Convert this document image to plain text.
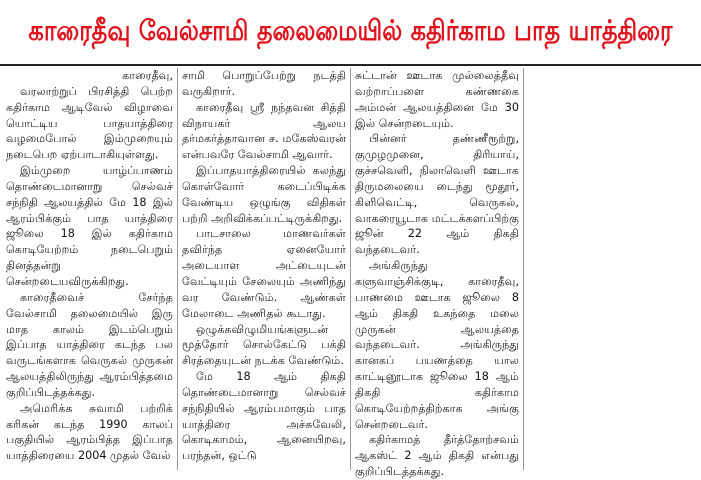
காரைதீவு வேல்சாமி தலைமையில் கதிர்காம பாத யாத்திரை

காரைதீவு,

வரலாற்றுப் பிரசித்தி பெற்ற கதிர்காம ஆடிவேல் விழாவை யொட்டிய பாதயாத்திரை வழமைபோல் இம்முறையும் நடைபெற ஏற்பாடாகியுள்ளது.

இம்முறை யாழ்ப்பாணம் தொண்டைமானாறு செல்வச் சந்நிதி ஆலயத்தில் மே 18 இல் ஆரம்பிக்கும் பாத யாத்திரை ஜூலை 18 இல் கதிர்காம கொடியேற்றம் நடைபெறும் தினத்தன்று சென்றடையவிருக்கிறது.

காரைதீவைச் சேர்ந்த வேல்சாமி தலைமையில் இரு மாத காலம் இடம்பெறும் இப்பாத யாத்திரை கடந்த பல வருடங்களாக வெருகல் முருகன் ஆலயத்திலிருந்து ஆரம்பித்தமை குறிப்பிடத்தக்கது.

அமெரிக்க சுவாமி பற்றிக் கரிகன் கடந்த 1990 காலப் பகுதியில் ஆரம்பித்த இப்பாத யாத்திரையை 2004 முதல் வேல்

சாமி பொறுப்பேற்று நடத்தி வருகிறார்.

காரைதீவு ஸ்ரீ நந்தவன சித்தி விநாயகர் ஆலய தர்மகர்த்தாவான ச. மகேஸ்வரன் என்பவரே வேல்சாமி ஆவார்.

இப்பாதயாத்திரையில் கலந்து கொள்வோர் கடைப்பிடிக்க வேண்டிய ஒழுங்கு விதிகள் பற்றி அறிவிக்கப்பட்டிருக்கிறது.

பாடசாலை மாணவர்கள் தவிர்ந்த ஏனையோர் அடையாள அட்டையுடன் வேட்டியும் சேலையும் அணிந்து வர வேண்டும். ஆண்கள் மேலாடை அணிதல் கூடாது.

ஒழுக்கவிழுமியங்களுடன் மூத்தோர் சொல்கேட்டு பக்தி சிரத்தையுடன் நடக்க வேண்டும்.

மே 18 ஆம் திகதி தொண்டைமானாறு செல்வச் சந்நிதியில் ஆரம்பமாகும் பாத யாத்திரை அச்சுவேலி, கொடிகாமம், ஆனையிறவு, பரந்தன், ஒட்டு

சுட்டான் ஊடாக முல்லைத்தீவு வற்றாப்பளை கண்ணகை அம்மன் ஆலயத்தினை மே 30 இல் சென்றடையும்.

பின்னர் தண்ணீரூற்று, குமுழமுனை, திரியாய், குச்சவெளி, நிலாவெளி ஊடாக திருமலையை டைந்து மூதூர், கிளிவெட்டி, வெருகல், வாகரையூடாக மட்டக்களப்பிற்கு ஜூன் 22 ஆம் திகதி வந்தடைவர்.

அங்கிருந்து களுவாஞ்சிக்குடி, காரைதீவு, பாணமை ஊடாக ஜூலை 8 ஆம் திகதி உகந்தை மலை முருகன் ஆலயத்தை வந்தடைவர். அங்கிருந்து கானகப் பயணத்தை யால காட்டினூடாக ஜூலை 18 ஆம் திகதி கதிர்காம கொடியேற்றத்திற்காக அங்கு சென்றடைவர்.

கதிர்காமத் தீர்த்தோற்சவம் ஆகஸ்ட் 2 ஆம் திகதி என்பது குறிப்பிடத்தக்கது.
